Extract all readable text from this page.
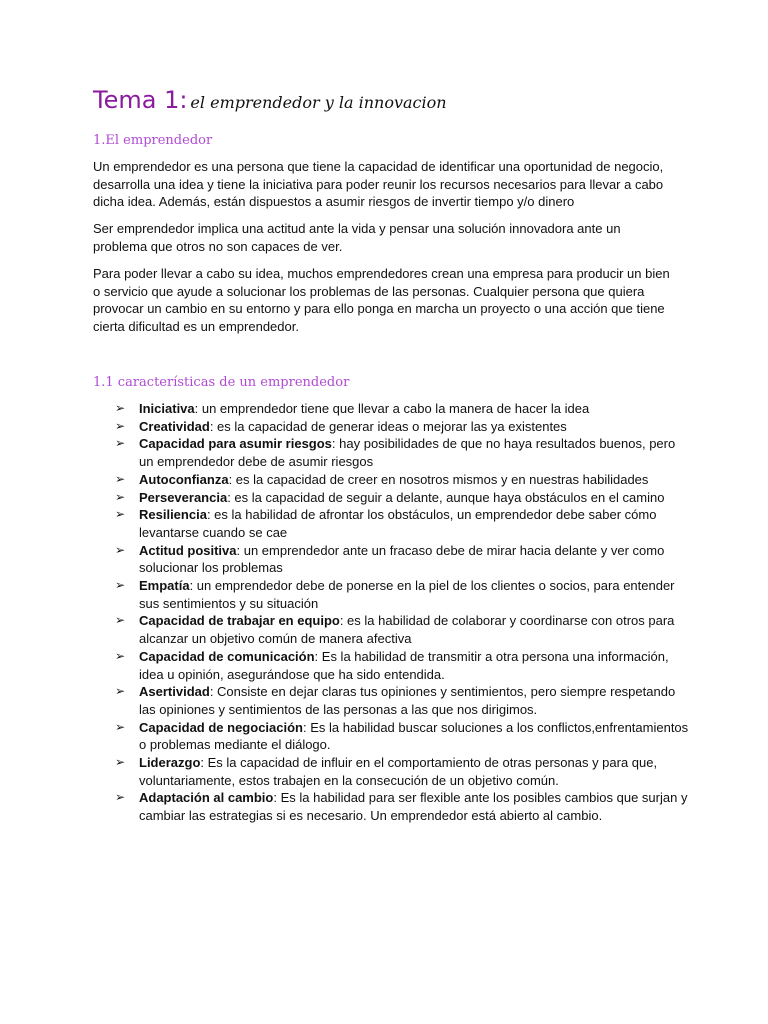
Tema 1: el emprendedor y la innovacion
1.El emprendedor
Un emprendedor es una persona que tiene la capacidad de identificar una oportunidad de negocio,
desarrolla una idea y tiene la iniciativa para poder reunir los recursos necesarios para llevar a cabo
dicha idea. Además, están dispuestos a asumir riesgos de invertir tiempo y/o dinero
Ser emprendedor implica una actitud ante la vida y pensar una solución innovadora ante un
problema que otros no son capaces de ver.
Para poder llevar a cabo su idea, muchos emprendedores crean una empresa para producir un bien
o servicio que ayude a solucionar los problemas de las personas. Cualquier persona que quiera
provocar un cambio en su entorno y para ello ponga en marcha un proyecto o una acción que tiene
cierta dificultad es un emprendedor.
1.1 características de un emprendedor
➢ Iniciativa: un emprendedor tiene que llevar a cabo la manera de hacer la idea
➢ Creatividad: es la capacidad de generar ideas o mejorar las ya existentes
➢ Capacidad para asumir riesgos: hay posibilidades de que no haya resultados buenos, pero
un emprendedor debe de asumir riesgos
➢ Autoconfianza: es la capacidad de creer en nosotros mismos y en nuestras habilidades
➢ Perseverancia: es la capacidad de seguir a delante, aunque haya obstáculos en el camino
➢ Resiliencia: es la habilidad de afrontar los obstáculos, un emprendedor debe saber cómo
levantarse cuando se cae
➢ Actitud positiva: un emprendedor ante un fracaso debe de mirar hacia delante y ver como
solucionar los problemas
➢ Empatía: un emprendedor debe de ponerse en la piel de los clientes o socios, para entender
sus sentimientos y su situación
➢ Capacidad de trabajar en equipo: es la habilidad de colaborar y coordinarse con otros para
alcanzar un objetivo común de manera afectiva
➢ Capacidad de comunicación: Es la habilidad de transmitir a otra persona una información,
idea u opinión, asegurándose que ha sido entendida.
➢ Asertividad: Consiste en dejar claras tus opiniones y sentimientos, pero siempre respetando
las opiniones y sentimientos de las personas a las que nos dirigimos.
➢ Capacidad de negociación: Es la habilidad buscar soluciones a los conflictos,enfrentamientos
o problemas mediante el diálogo.
➢ Liderazgo: Es la capacidad de influir en el comportamiento de otras personas y para que,
voluntariamente, estos trabajen en la consecución de un objetivo común.
➢ Adaptación al cambio: Es la habilidad para ser flexible ante los posibles cambios que surjan y
cambiar las estrategias si es necesario. Un emprendedor está abierto al cambio.
